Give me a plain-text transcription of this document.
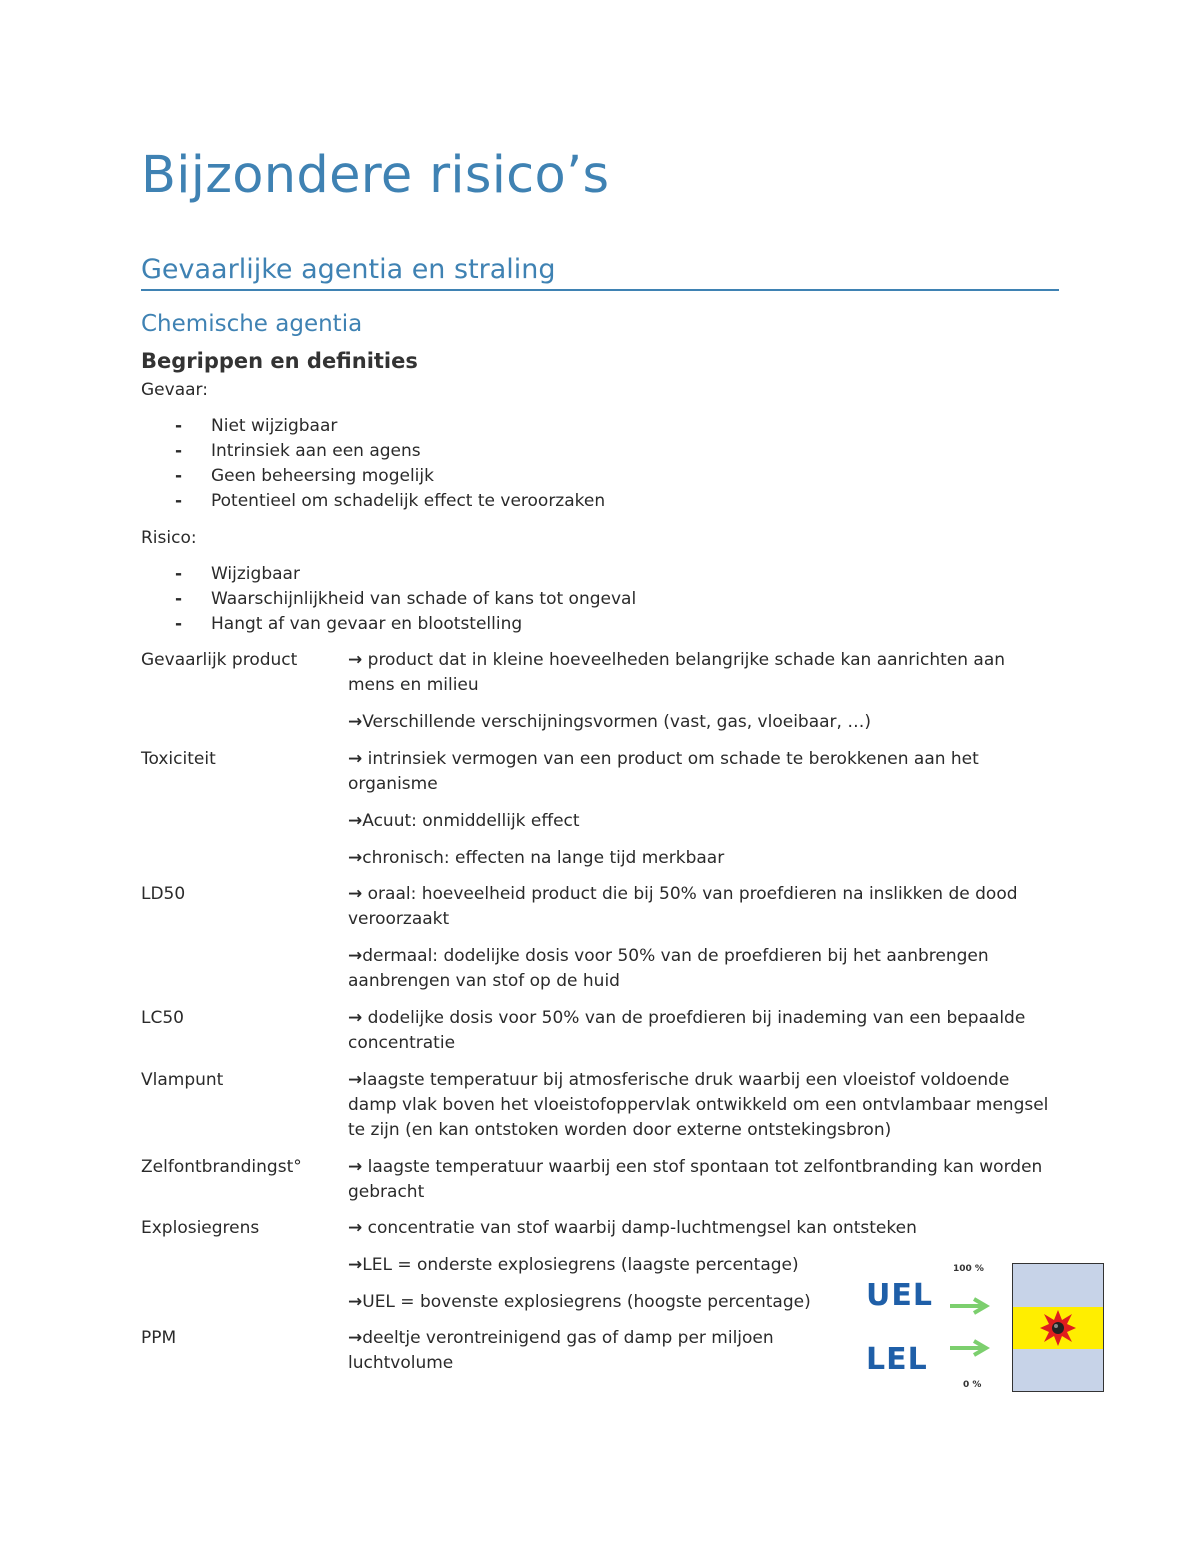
Bijzondere risico’s
Gevaarlijke agentia en straling
Chemische agentia
Begrippen en definities
Gevaar:
- Niet wijzigbaar
- Intrinsiek aan een agens
- Geen beheersing mogelijk
- Potentieel om schadelijk effect te veroorzaken
Risico:
- Wijzigbaar
- Waarschijnlijkheid van schade of kans tot ongeval
- Hangt af van gevaar en blootstelling
Gevaarlijk product	→ product dat in kleine hoeveelheden belangrijke schade kan aanrichten aan mens en milieu
→Verschillende verschijningsvormen (vast, gas, vloeibaar, …)
Toxiciteit	→ intrinsiek vermogen van een product om schade te berokkenen aan het organisme
→Acuut: onmiddellijk effect
→chronisch: effecten na lange tijd merkbaar
LD50	→ oraal: hoeveelheid product die bij 50% van proefdieren na inslikken de dood veroorzaakt
→dermaal: dodelijke dosis voor 50% van de proefdieren bij het aanbrengen aanbrengen van stof op de huid
LC50	→ dodelijke dosis voor 50% van de proefdieren bij inademing van een bepaalde concentratie
Vlampunt	→laagste temperatuur bij atmosferische druk waarbij een vloeistof voldoende damp vlak boven het vloeistofoppervlak ontwikkeld om een ontvlambaar mengsel te zijn (en kan ontstoken worden door externe ontstekingsbron)
Zelfontbrandingst°	→ laagste temperatuur waarbij een stof spontaan tot zelfontbranding kan worden gebracht
Explosiegrens	→ concentratie van stof waarbij damp-luchtmengsel kan ontsteken
→LEL = onderste explosiegrens (laagste percentage)
→UEL = bovenste explosiegrens (hoogste percentage)
PPM	→deeltje verontreinigend gas of damp per miljoen luchtvolume
UEL
LEL
100 %
0 %
